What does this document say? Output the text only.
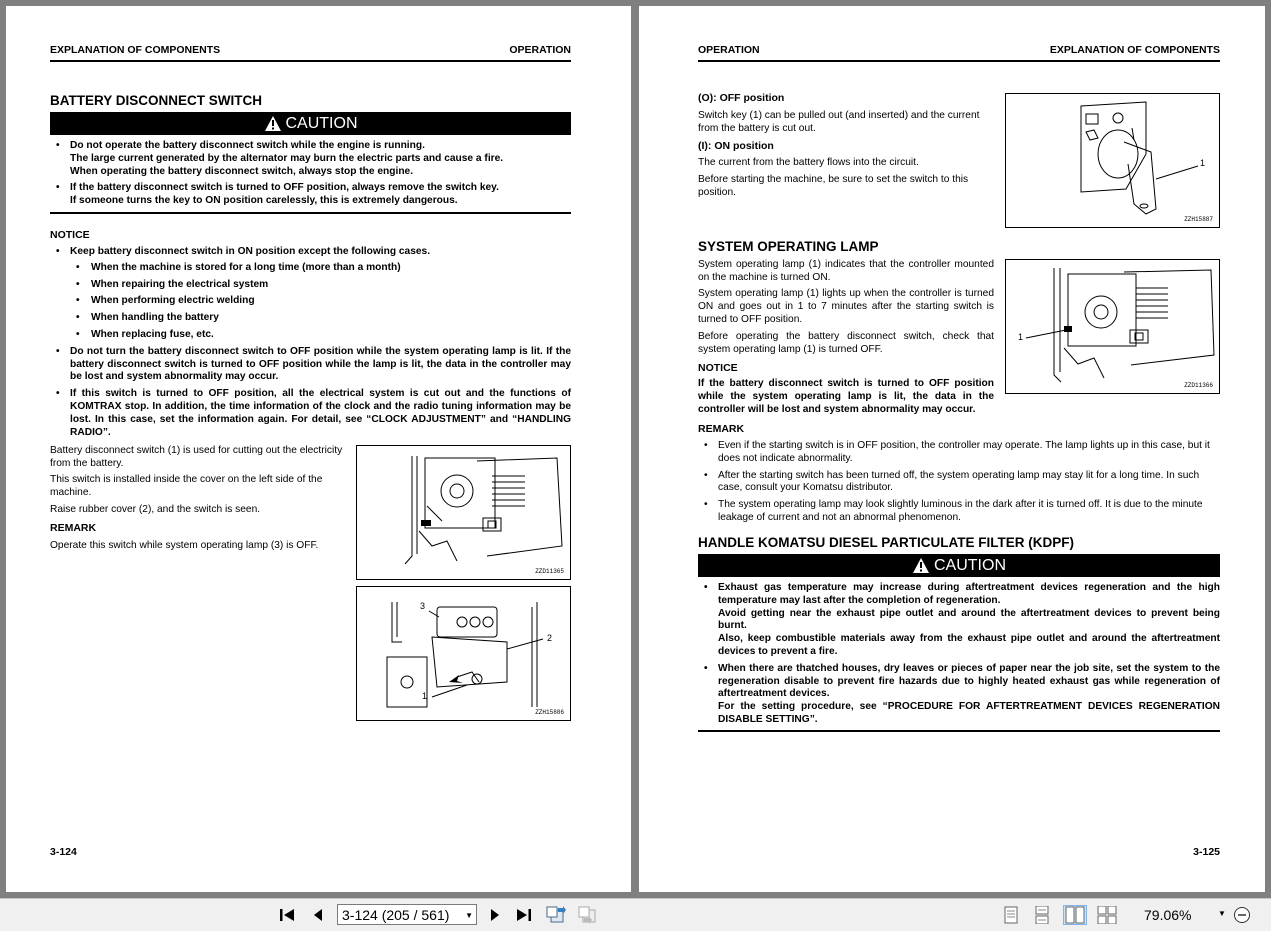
EXPLANATION OF COMPONENTS	OPERATION
BATTERY DISCONNECT SWITCH
CAUTION
• Do not operate the battery disconnect switch while the engine is running.
The large current generated by the alternator may burn the electric parts and cause a fire.
When operating the battery disconnect switch, always stop the engine.
• If the battery disconnect switch is turned to OFF position, always remove the switch key.
If someone turns the key to ON position carelessly, this is extremely dangerous.
NOTICE
• Keep battery disconnect switch in ON position except the following cases.
• When the machine is stored for a long time (more than a month)
• When repairing the electrical system
• When performing electric welding
• When handling the battery
• When replacing fuse, etc.
• Do not turn the battery disconnect switch to OFF position while the system operating lamp is lit. If the battery disconnect switch is turned to OFF position while the lamp is lit, the data in the controller may be lost and system abnormality may occur.
• If this switch is turned to OFF position, all the electrical system is cut out and the functions of KOMTRAX stop. In addition, the time information of the clock and the radio tuning information may be lost. In this case, set the information again. For detail, see “CLOCK ADJUSTMENT” and “HANDLING RADIO”.

Battery disconnect switch (1) is used for cutting out the electricity from the battery.

This switch is installed inside the cover on the left side of the machine.

Raise rubber cover (2), and the switch is seen.

REMARK

Operate this switch while system operating lamp (3) is OFF.

ZZD11365
3
2
1
ZZH15886
3-124
OPERATION	EXPLANATION OF COMPONENTS
(O): OFF position

Switch key (1) can be pulled out (and inserted) and the current from the battery is cut out.

(I): ON position

The current from the battery flows into the circuit.

Before starting the machine, be sure to set the switch to this position.

1
ZZH15887
SYSTEM OPERATING LAMP

System operating lamp (1) indicates that the controller mounted on the machine is turned ON.

System operating lamp (1) lights up when the controller is turned ON and goes out in 1 to 7 minutes after the starting switch is turned to OFF position.

Before operating the battery disconnect switch, check that system operating lamp (1) is turned OFF.

NOTICE

If the battery disconnect switch is turned to OFF position while the system operating lamp is lit, the data in the controller will be lost and system abnormality may occur.

1
ZZD11366
REMARK
• Even if the starting switch is in OFF position, the controller may operate. The lamp lights up in this case, but it does not indicate abnormality.
• After the starting switch has been turned off, the system operating lamp may stay lit for a long time. In such case, consult your Komatsu distributor.
• The system operating lamp may look slightly luminous in the dark after it is turned off. It is due to the minute leakage of current and not an abnormal phenomenon.
HANDLE KOMATSU DIESEL PARTICULATE FILTER (KDPF)
CAUTION
• Exhaust gas temperature may increase during aftertreatment devices regeneration and the high temperature may last after the completion of regeneration.
Avoid getting near the exhaust pipe outlet and around the aftertreatment devices to prevent being burnt.
Also, keep combustible materials away from the exhaust pipe outlet and around the aftertreatment devices to prevent a fire.
• When there are thatched houses, dry leaves or pieces of paper near the job site, set the system to the regeneration disable to prevent fire hazards due to highly heated exhaust gas while regeneration of aftertreatment devices.
For the setting procedure, see “PROCEDURE FOR AFTERTREATMENT DEVICES REGENERATION DISABLE SETTING”.
3-125
3-124 (205 / 561) ▼	79.06%	▼
